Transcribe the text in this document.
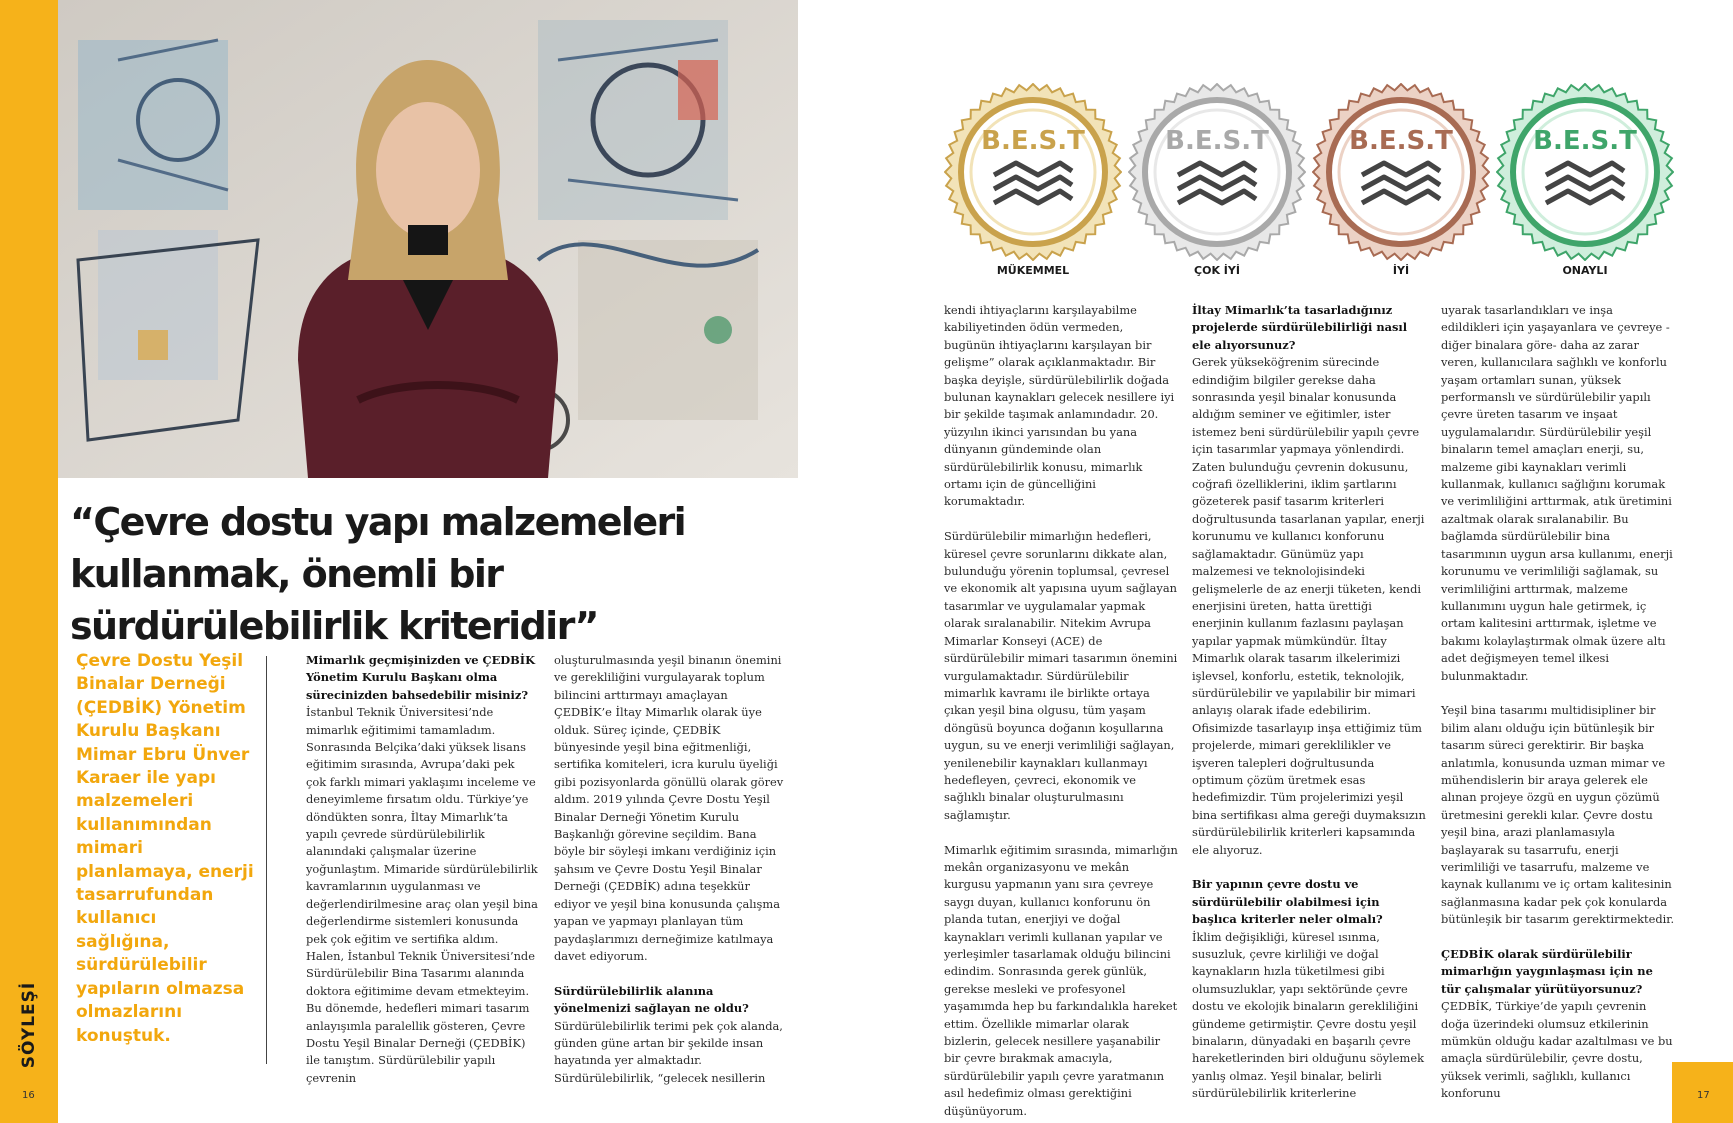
SÖYLEŞİ
16	17
“Çevre dostu yapı malzemeleri kullanmak, önemli bir sürdürülebilirlik kriteridir”

Çevre Dostu Yeşil Binalar Derneği (ÇEDBİK) Yönetim Kurulu Başkanı Mimar Ebru Ünver Karaer ile yapı malzemeleri kullanımından mimari planlamaya, enerji tasarrufundan kullanıcı sağlığına, sürdürülebilir yapıların olmazsa olmazlarını konuştuk.

Mimarlık geçmişinizden ve ÇEDBİK Yönetim Kurulu Başkanı olma sürecinizden bahsedebilir misiniz?

İstanbul Teknik Üniversitesi’nde mimarlık eğitimimi tamamladım. Sonrasında Belçika’daki yüksek lisans eğitimim sırasında, Avrupa’daki pek çok farklı mimari yaklaşımı inceleme ve deneyimleme fırsatım oldu. Türkiye’ye döndükten sonra, İltay Mimarlık’ta yapılı çevrede sürdürülebilirlik alanındaki çalışmalar üzerine yoğunlaştım. Mimaride sürdürülebilirlik kavramlarının uygulanması ve değerlendirilmesine araç olan yeşil bina değerlendirme sistemleri konusunda pek çok eğitim ve sertifika aldım. Halen, İstanbul Teknik Üniversitesi’nde Sürdürülebilir Bina Tasarımı alanında doktora eğitimime devam etmekteyim. Bu dönemde, hedefleri mimari tasarım anlayışımla paralellik gösteren, Çevre Dostu Yeşil Binalar Derneği (ÇEDBİK) ile tanıştım. Sürdürülebilir yapılı çevrenin

oluşturulmasında yeşil binanın önemini ve gerekliliğini vurgulayarak toplum bilincini arttırmayı amaçlayan ÇEDBİK’e İltay Mimarlık olarak üye olduk. Süreç içinde, ÇEDBİK bünyesinde yeşil bina eğitmenliği, sertifika komiteleri, icra kurulu üyeliği gibi pozisyonlarda gönüllü olarak görev aldım. 2019 yılında Çevre Dostu Yeşil Binalar Derneği Yönetim Kurulu Başkanlığı görevine seçildim. Bana böyle bir söyleşi imkanı verdiğiniz için şahsım ve Çevre Dostu Yeşil Binalar Derneği (ÇEDBİK) adına teşekkür ediyor ve yeşil bina konusunda çalışma yapan ve yapmayı planlayan tüm paydaşlarımızı derneğimize katılmaya davet ediyorum.

Sürdürülebilirlik alanına yönelmenizi sağlayan ne oldu?

Sürdürülebilirlik terimi pek çok alanda, günden güne artan bir şekilde insan hayatında yer almaktadır. Sürdürülebilirlik, “gelecek nesillerin

B.E.S.T
MÜKEMMEL
B.E.S.T
ÇOK İYİ
B.E.S.T
İYİ
B.E.S.T
ONAYLI

kendi ihtiyaçlarını karşılayabilme kabiliyetinden ödün vermeden, bugünün ihtiyaçlarını karşılayan bir gelişme” olarak açıklanmaktadır. Bir başka deyişle, sürdürülebilirlik doğada bulunan kaynakları gelecek nesillere iyi bir şekilde taşımak anlamındadır. 20. yüzyılın ikinci yarısından bu yana dünyanın gündeminde olan sürdürülebilirlik konusu, mimarlık ortamı için de güncelliğini korumaktadır.

Sürdürülebilir mimarlığın hedefleri, küresel çevre sorunlarını dikkate alan, bulunduğu yörenin toplumsal, çevresel ve ekonomik alt yapısına uyum sağlayan tasarımlar ve uygulamalar yapmak olarak sıralanabilir. Nitekim Avrupa Mimarlar Konseyi (ACE) de sürdürülebilir mimari tasarımın önemini vurgulamaktadır. Sürdürülebilir mimarlık kavramı ile birlikte ortaya çıkan yeşil bina olgusu, tüm yaşam döngüsü boyunca doğanın koşullarına uygun, su ve enerji verimliliği sağlayan, yenilenebilir kaynakları kullanmayı hedefleyen, çevreci, ekonomik ve sağlıklı binalar oluşturulmasını sağlamıştır.

Mimarlık eğitimim sırasında, mimarlığın mekân organizasyonu ve mekân kurgusu yapmanın yanı sıra çevreye saygı duyan, kullanıcı konforunu ön planda tutan, enerjiyi ve doğal kaynakları verimli kullanan yapılar ve yerleşimler tasarlamak olduğu bilincini edindim. Sonrasında gerek günlük, gerekse mesleki ve profesyonel yaşamımda hep bu farkındalıkla hareket ettim. Özellikle mimarlar olarak bizlerin, gelecek nesillere yaşanabilir bir çevre bırakmak amacıyla, sürdürülebilir yapılı çevre yaratmanın asıl hedefimiz olması gerektiğini düşünüyorum.

İltay Mimarlık’ta tasarladığınız projelerde sürdürülebilirliği nasıl ele alıyorsunuz?

Gerek yükseköğrenim sürecinde edindiğim bilgiler gerekse daha sonrasında yeşil binalar konusunda aldığım seminer ve eğitimler, ister istemez beni sürdürülebilir yapılı çevre için tasarımlar yapmaya yönlendirdi. Zaten bulunduğu çevrenin dokusunu, coğrafi özelliklerini, iklim şartlarını gözeterek pasif tasarım kriterleri doğrultusunda tasarlanan yapılar, enerji korunumu ve kullanıcı konforunu sağlamaktadır. Günümüz yapı malzemesi ve teknolojisindeki gelişmelerle de az enerji tüketen, kendi enerjisini üreten, hatta ürettiği enerjinin kullanım fazlasını paylaşan yapılar yapmak mümkündür. İltay Mimarlık olarak tasarım ilkelerimizi işlevsel, konforlu, estetik, teknolojik, sürdürülebilir ve yapılabilir bir mimari anlayış olarak ifade edebilirim. Ofisimizde tasarlayıp inşa ettiğimiz tüm projelerde, mimari gereklilikler ve işveren talepleri doğrultusunda optimum çözüm üretmek esas hedefimizdir. Tüm projelerimizi yeşil bina sertifikası alma gereği duymaksızın sürdürülebilirlik kriterleri kapsamında ele alıyoruz.

Bir yapının çevre dostu ve sürdürülebilir olabilmesi için başlıca kriterler neler olmalı?

İklim değişikliği, küresel ısınma, susuzluk, çevre kirliliği ve doğal kaynakların hızla tüketilmesi gibi olumsuzluklar, yapı sektöründe çevre dostu ve ekolojik binaların gerekliliğini gündeme getirmiştir. Çevre dostu yeşil binaların, dünyadaki en başarılı çevre hareketlerinden biri olduğunu söylemek yanlış olmaz. Yeşil binalar, belirli sürdürülebilirlik kriterlerine

uyarak tasarlandıkları ve inşa edildikleri için yaşayanlara ve çevreye - diğer binalara göre- daha az zarar veren, kullanıcılara sağlıklı ve konforlu yaşam ortamları sunan, yüksek performanslı ve sürdürülebilir yapılı çevre üreten tasarım ve inşaat uygulamalarıdır. Sürdürülebilir yeşil binaların temel amaçları enerji, su, malzeme gibi kaynakları verimli kullanmak, kullanıcı sağlığını korumak ve verimliliğini arttırmak, atık üretimini azaltmak olarak sıralanabilir. Bu bağlamda sürdürülebilir bina tasarımının uygun arsa kullanımı, enerji korunumu ve verimliliği sağlamak, su verimliliğini arttırmak, malzeme kullanımını uygun hale getirmek, iç ortam kalitesini arttırmak, işletme ve bakımı kolaylaştırmak olmak üzere altı adet değişmeyen temel ilkesi bulunmaktadır.

Yeşil bina tasarımı multidisipliner bir bilim alanı olduğu için bütünleşik bir tasarım süreci gerektirir. Bir başka anlatımla, konusunda uzman mimar ve mühendislerin bir araya gelerek ele alınan projeye özgü en uygun çözümü üretmesini gerekli kılar. Çevre dostu yeşil bina, arazi planlamasıyla başlayarak su tasarrufu, enerji verimliliği ve tasarrufu, malzeme ve kaynak kullanımı ve iç ortam kalitesinin sağlanmasına kadar pek çok konularda bütünleşik bir tasarım gerektirmektedir.

ÇEDBİK olarak sürdürülebilir mimarlığın yaygınlaşması için ne tür çalışmalar yürütüyorsunuz?

ÇEDBİK, Türkiye’de yapılı çevrenin doğa üzerindeki olumsuz etkilerinin mümkün olduğu kadar azaltılması ve bu amaçla sürdürülebilir, çevre dostu, yüksek verimli, sağlıklı, kullanıcı konforunu
